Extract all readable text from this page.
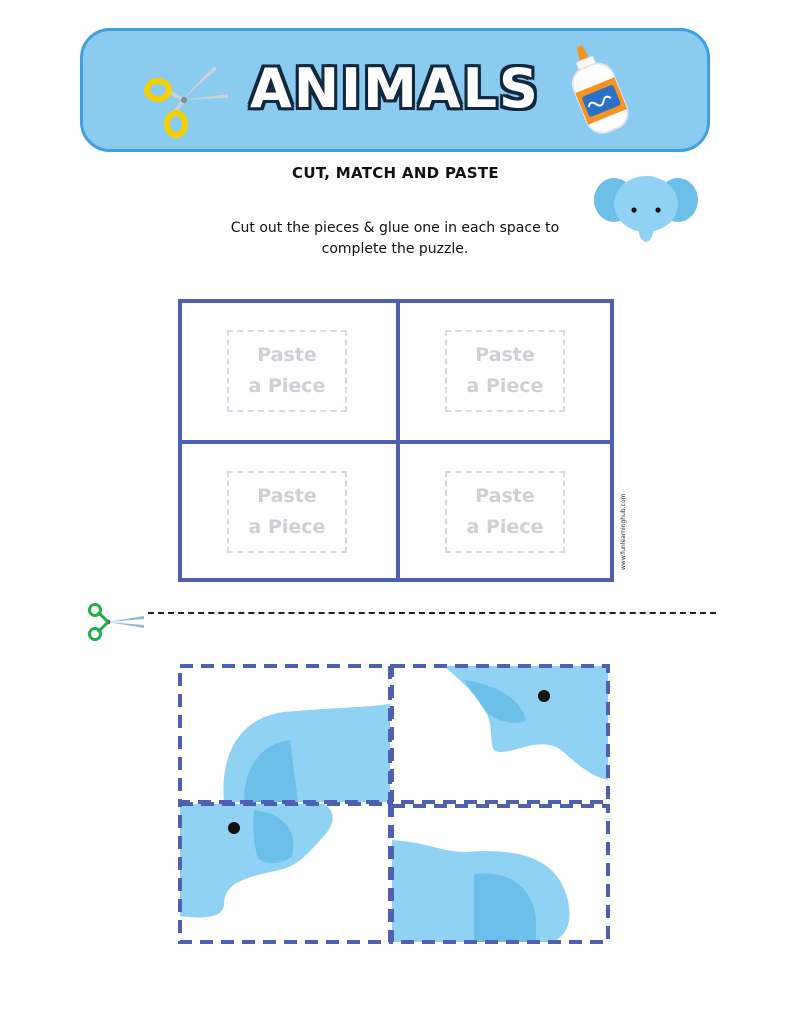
ANIMALS
CUT, MATCH AND PASTE
Cut out the pieces & glue one in each space to
complete the puzzle.
Paste
a Piece
Paste
a Piece
Paste
a Piece
Paste
a Piece	www.funlearninghub.com
